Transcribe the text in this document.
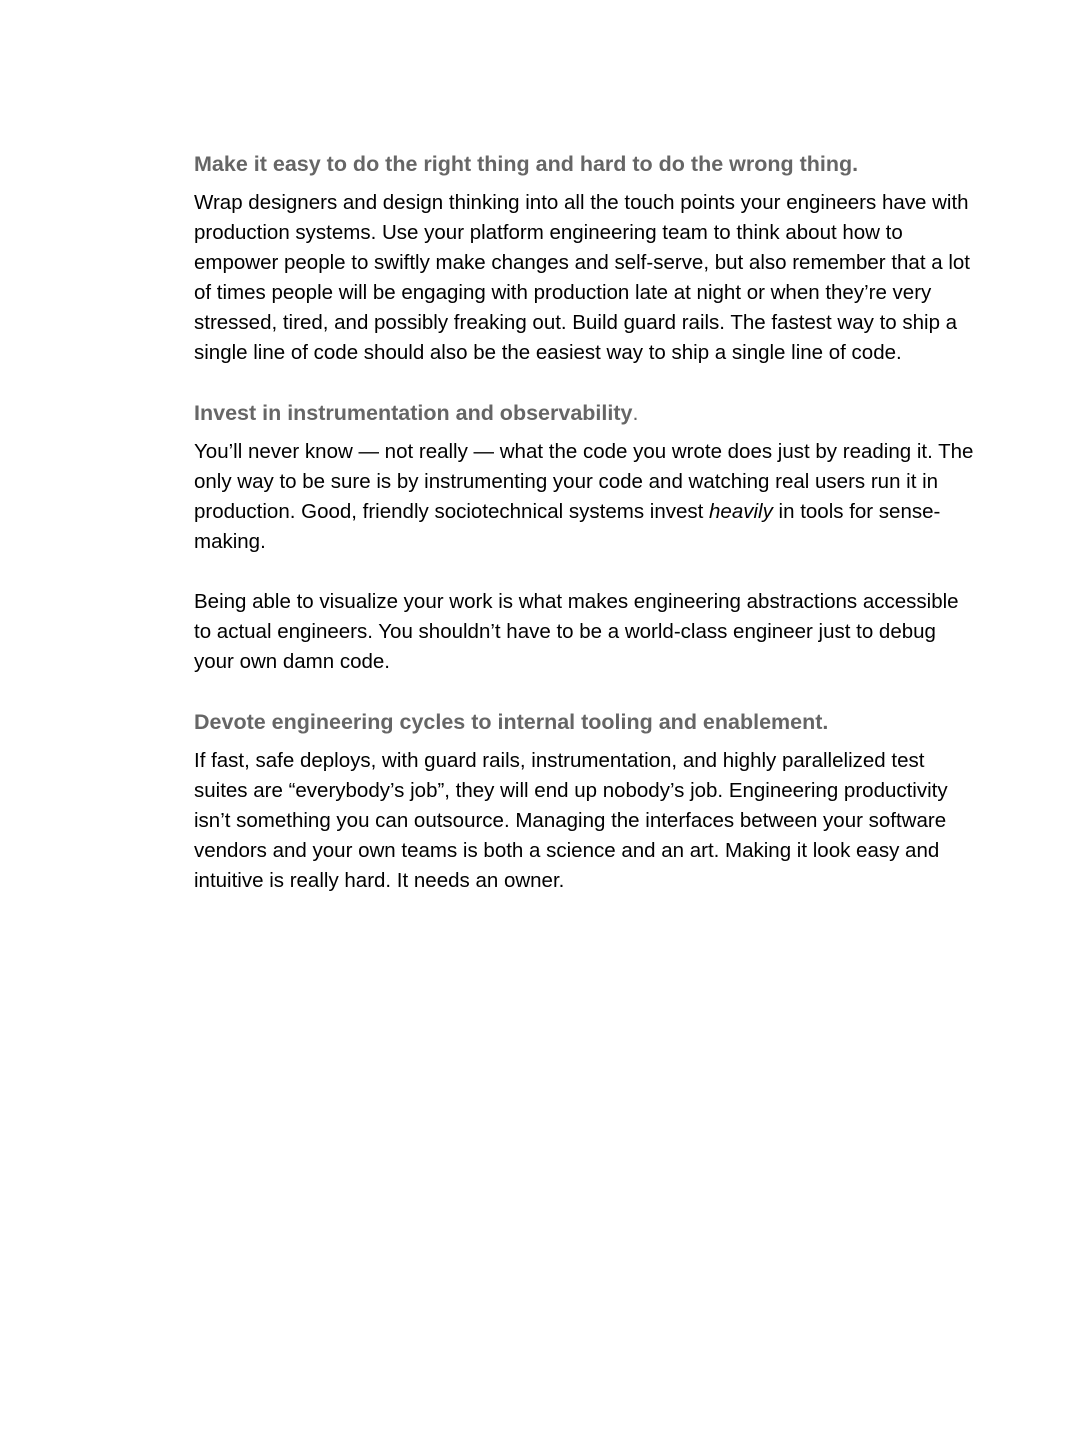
Make it easy to do the right thing and hard to do the wrong thing.

Wrap designers and design thinking into all the touch points your engineers have with production systems. Use your platform engineering team to think about how to empower people to swiftly make changes and self-serve, but also remember that a lot of times people will be engaging with production late at night or when they’re very stressed, tired, and possibly freaking out. Build guard rails. The fastest way to ship a single line of code should also be the easiest way to ship a single line of code.

Invest in instrumentation and observability.

You’ll never know — not really — what the code you wrote does just by reading it. The only way to be sure is by instrumenting your code and watching real users run it in production. Good, friendly sociotechnical systems invest heavily in tools for sense-making.

Being able to visualize your work is what makes engineering abstractions accessible to actual engineers. You shouldn’t have to be a world-class engineer just to debug your own damn code.

Devote engineering cycles to internal tooling and enablement.

If fast, safe deploys, with guard rails, instrumentation, and highly parallelized test suites are “everybody’s job”, they will end up nobody’s job. Engineering productivity isn’t something you can outsource. Managing the interfaces between your software vendors and your own teams is both a science and an art. Making it look easy and intuitive is really hard. It needs an owner.
